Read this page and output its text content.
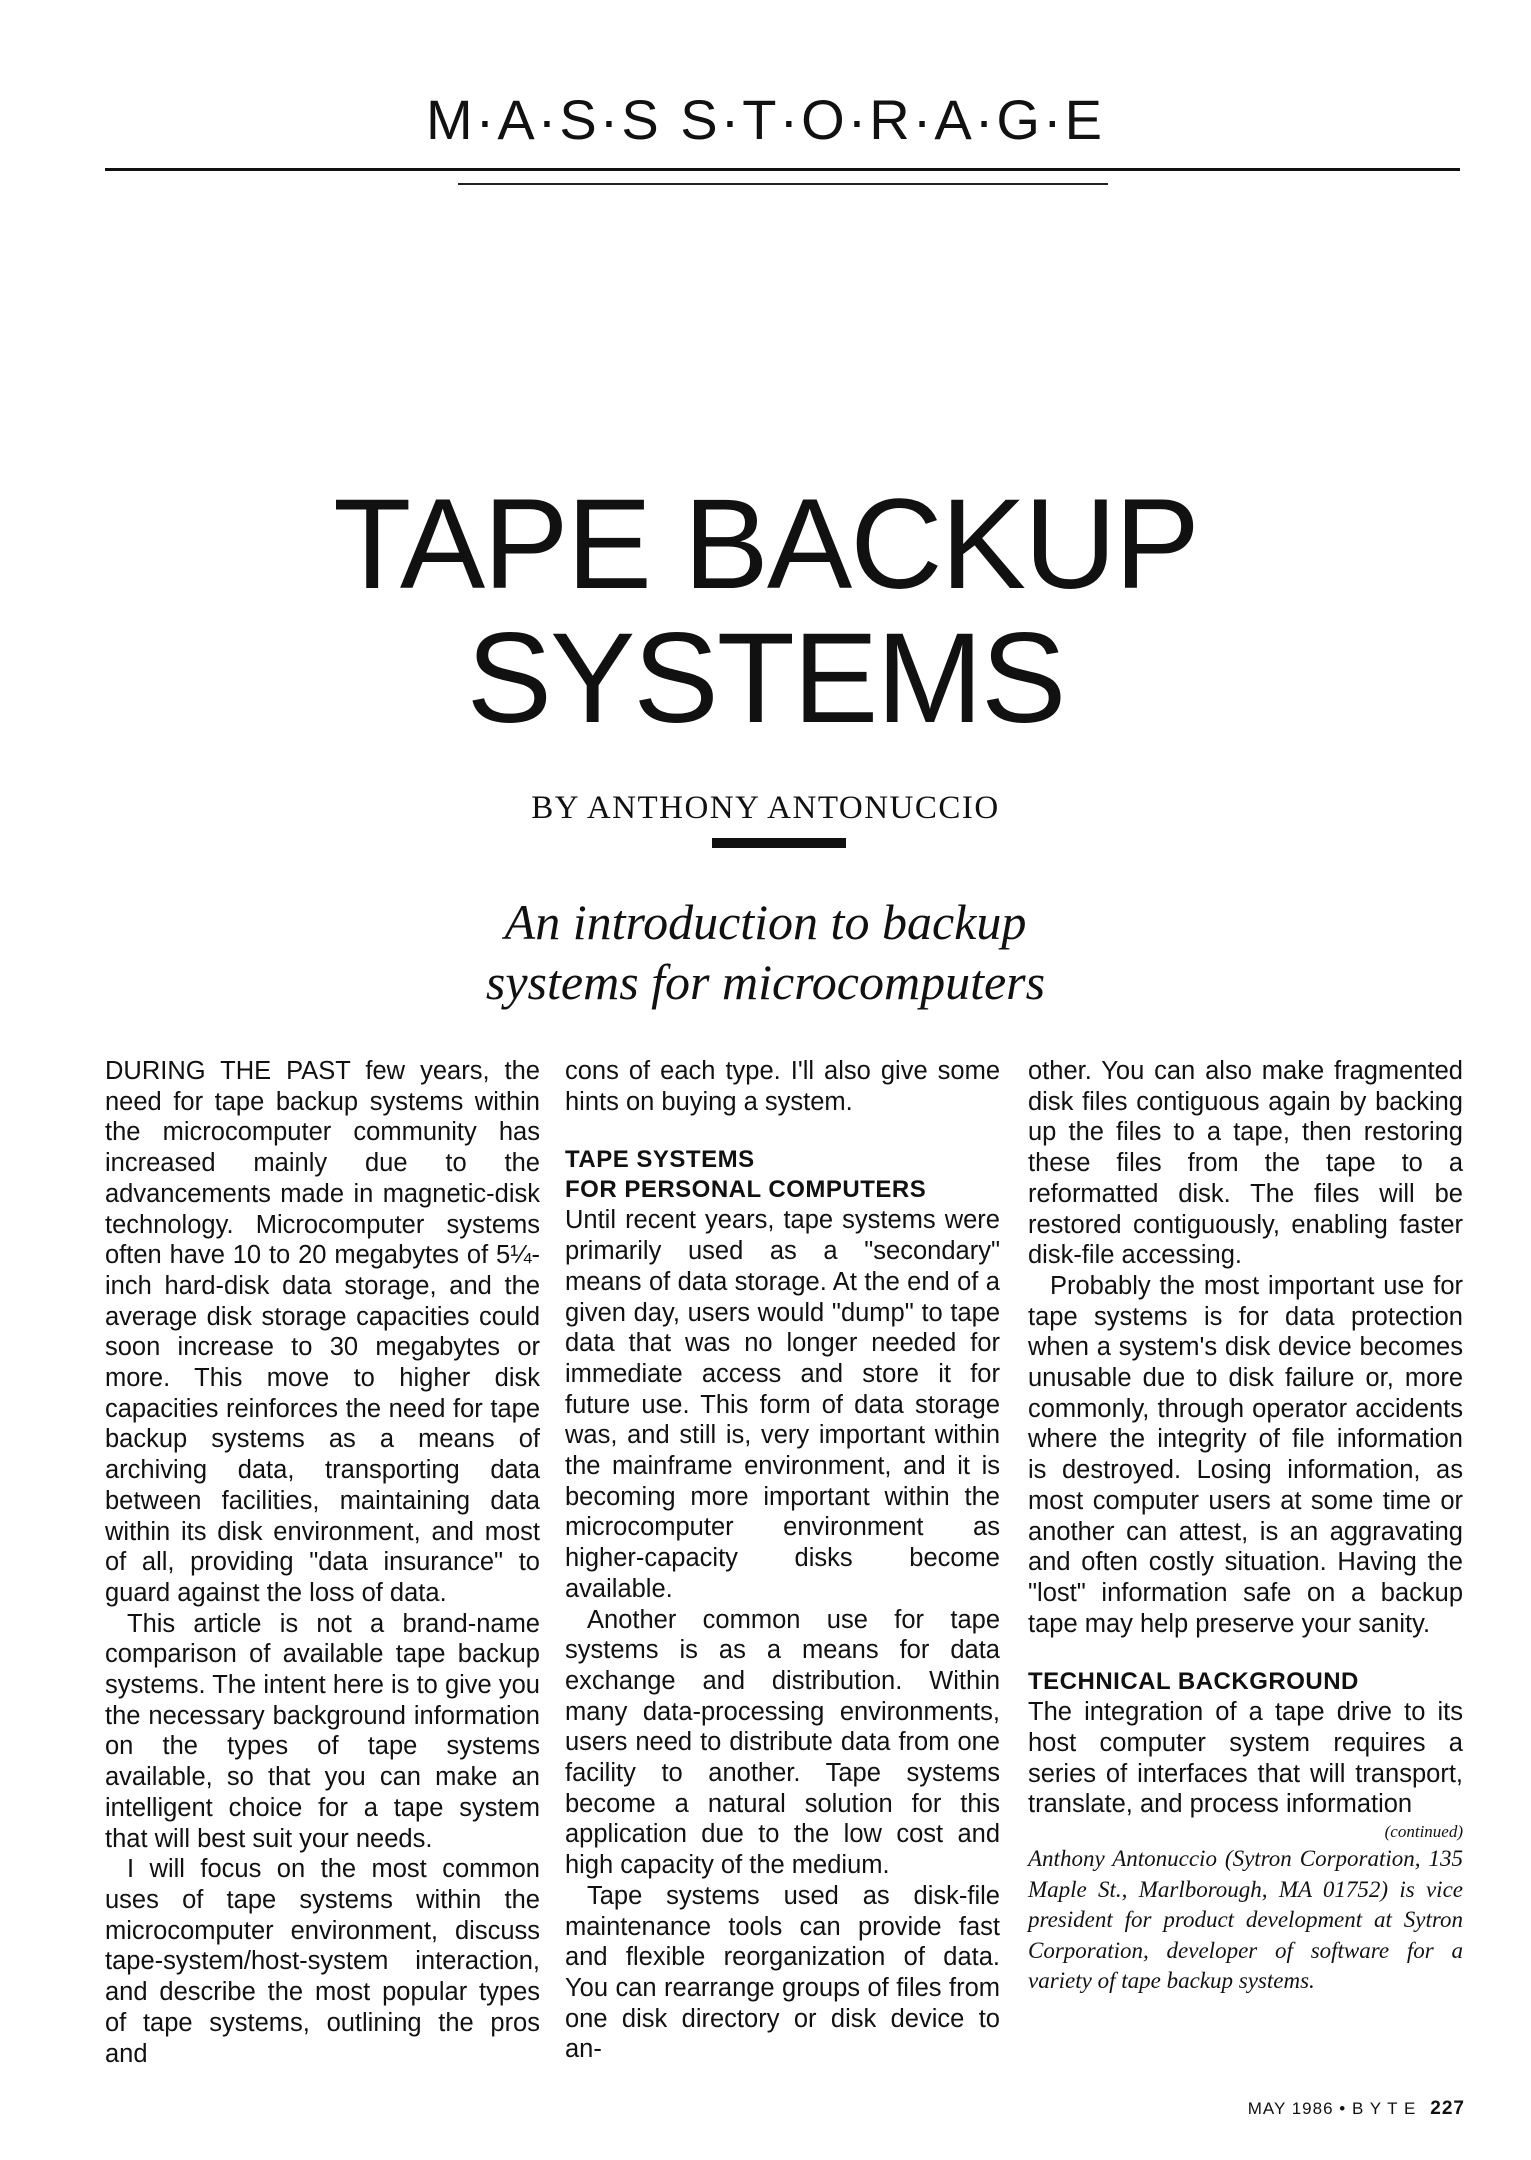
M·A·S·S S·T·O·R·A·G·E
TAPE BACKUP
SYSTEMS
BY ANTHONY ANTONUCCIO
An introduction to backup
systems for microcomputers

DURING THE PAST few years, the need for tape backup systems within the microcomputer community has increased mainly due to the advancements made in magnetic-disk technology. Microcomputer systems often have 10 to 20 megabytes of 5¼-inch hard-disk data storage, and the average disk storage capacities could soon increase to 30 megabytes or more. This move to higher disk capacities reinforces the need for tape backup systems as a means of archiving data, transporting data between facilities, maintaining data within its disk environment, and most of all, providing "data insurance" to guard against the loss of data.

This article is not a brand-name comparison of available tape backup systems. The intent here is to give you the necessary background information on the types of tape systems available, so that you can make an intelligent choice for a tape system that will best suit your needs.

I will focus on the most common uses of tape systems within the microcomputer environment, discuss tape-system/host-system interaction, and describe the most popular types of tape systems, outlining the pros and

cons of each type. I'll also give some hints on buying a system.

TAPE SYSTEMS
FOR PERSONAL COMPUTERS

Until recent years, tape systems were primarily used as a "secondary" means of data storage. At the end of a given day, users would "dump" to tape data that was no longer needed for immediate access and store it for future use. This form of data storage was, and still is, very important within the mainframe environment, and it is becoming more important within the microcomputer environment as higher-capacity disks become available.

Another common use for tape systems is as a means for data exchange and distribution. Within many data-processing environments, users need to distribute data from one facility to another. Tape systems become a natural solution for this application due to the low cost and high capacity of the medium.

Tape systems used as disk-file maintenance tools can provide fast and flexible reorganization of data. You can rearrange groups of files from one disk directory or disk device to an-

other. You can also make fragmented disk files contiguous again by backing up the files to a tape, then restoring these files from the tape to a reformatted disk. The files will be restored contiguously, enabling faster disk-file accessing.

Probably the most important use for tape systems is for data protection when a system's disk device becomes unusable due to disk failure or, more commonly, through operator accidents where the integrity of file information is destroyed. Losing information, as most computer users at some time or another can attest, is an aggravating and often costly situation. Having the "lost" information safe on a backup tape may help preserve your sanity.

TECHNICAL BACKGROUND

The integration of a tape drive to its host computer system requires a series of interfaces that will transport, translate, and process information

(continued)

Anthony Antonuccio (Sytron Corporation, 135 Maple St., Marlborough, MA 01752) is vice president for product development at Sytron Corporation, developer of software for a variety of tape backup systems.

MAY 1986 • B Y T E 227
